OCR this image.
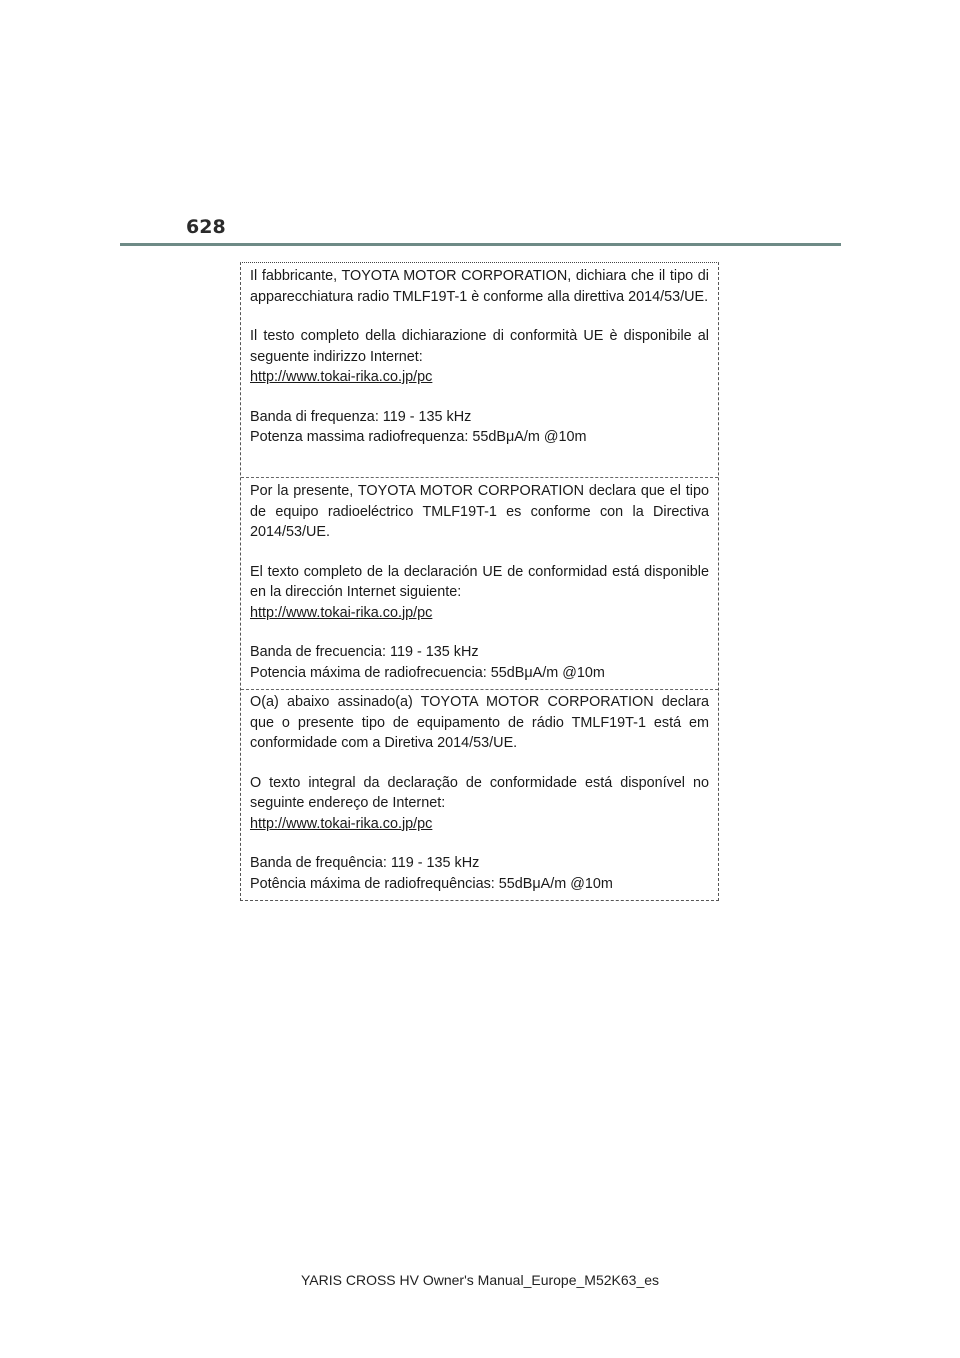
628

Il fabbricante, TOYOTA MOTOR CORPORATION, dichiara che il tipo di apparecchiatura radio TMLF19T-1 è conforme alla direttiva 2014/53/UE.

Il testo completo della dichiarazione di conformità UE è disponibile al seguente indirizzo Internet:

http://www.tokai-rika.co.jp/pc

Banda di frequenza: 119 - 135 kHz

Potenza massima radiofrequenza: 55dBμA/m @10m

Por la presente, TOYOTA MOTOR CORPORATION declara que el tipo de equipo radioeléctrico TMLF19T-1 es conforme con la Directiva 2014/53/UE.

El texto completo de la declaración UE de conformidad está disponible en la dirección Internet siguiente:

http://www.tokai-rika.co.jp/pc

Banda de frecuencia: 119 - 135 kHz

Potencia máxima de radiofrecuencia: 55dBμA/m @10m

O(a) abaixo assinado(a) TOYOTA MOTOR CORPORATION declara que o presente tipo de equipamento de rádio TMLF19T-1 está em conformidade com a Diretiva 2014/53/UE.

O texto integral da declaração de conformidade está disponível no seguinte endereço de Internet:

http://www.tokai-rika.co.jp/pc

Banda de frequência: 119 - 135 kHz

Potência máxima de radiofrequências: 55dBμA/m @10m

YARIS CROSS HV Owner's Manual_Europe_M52K63_es
